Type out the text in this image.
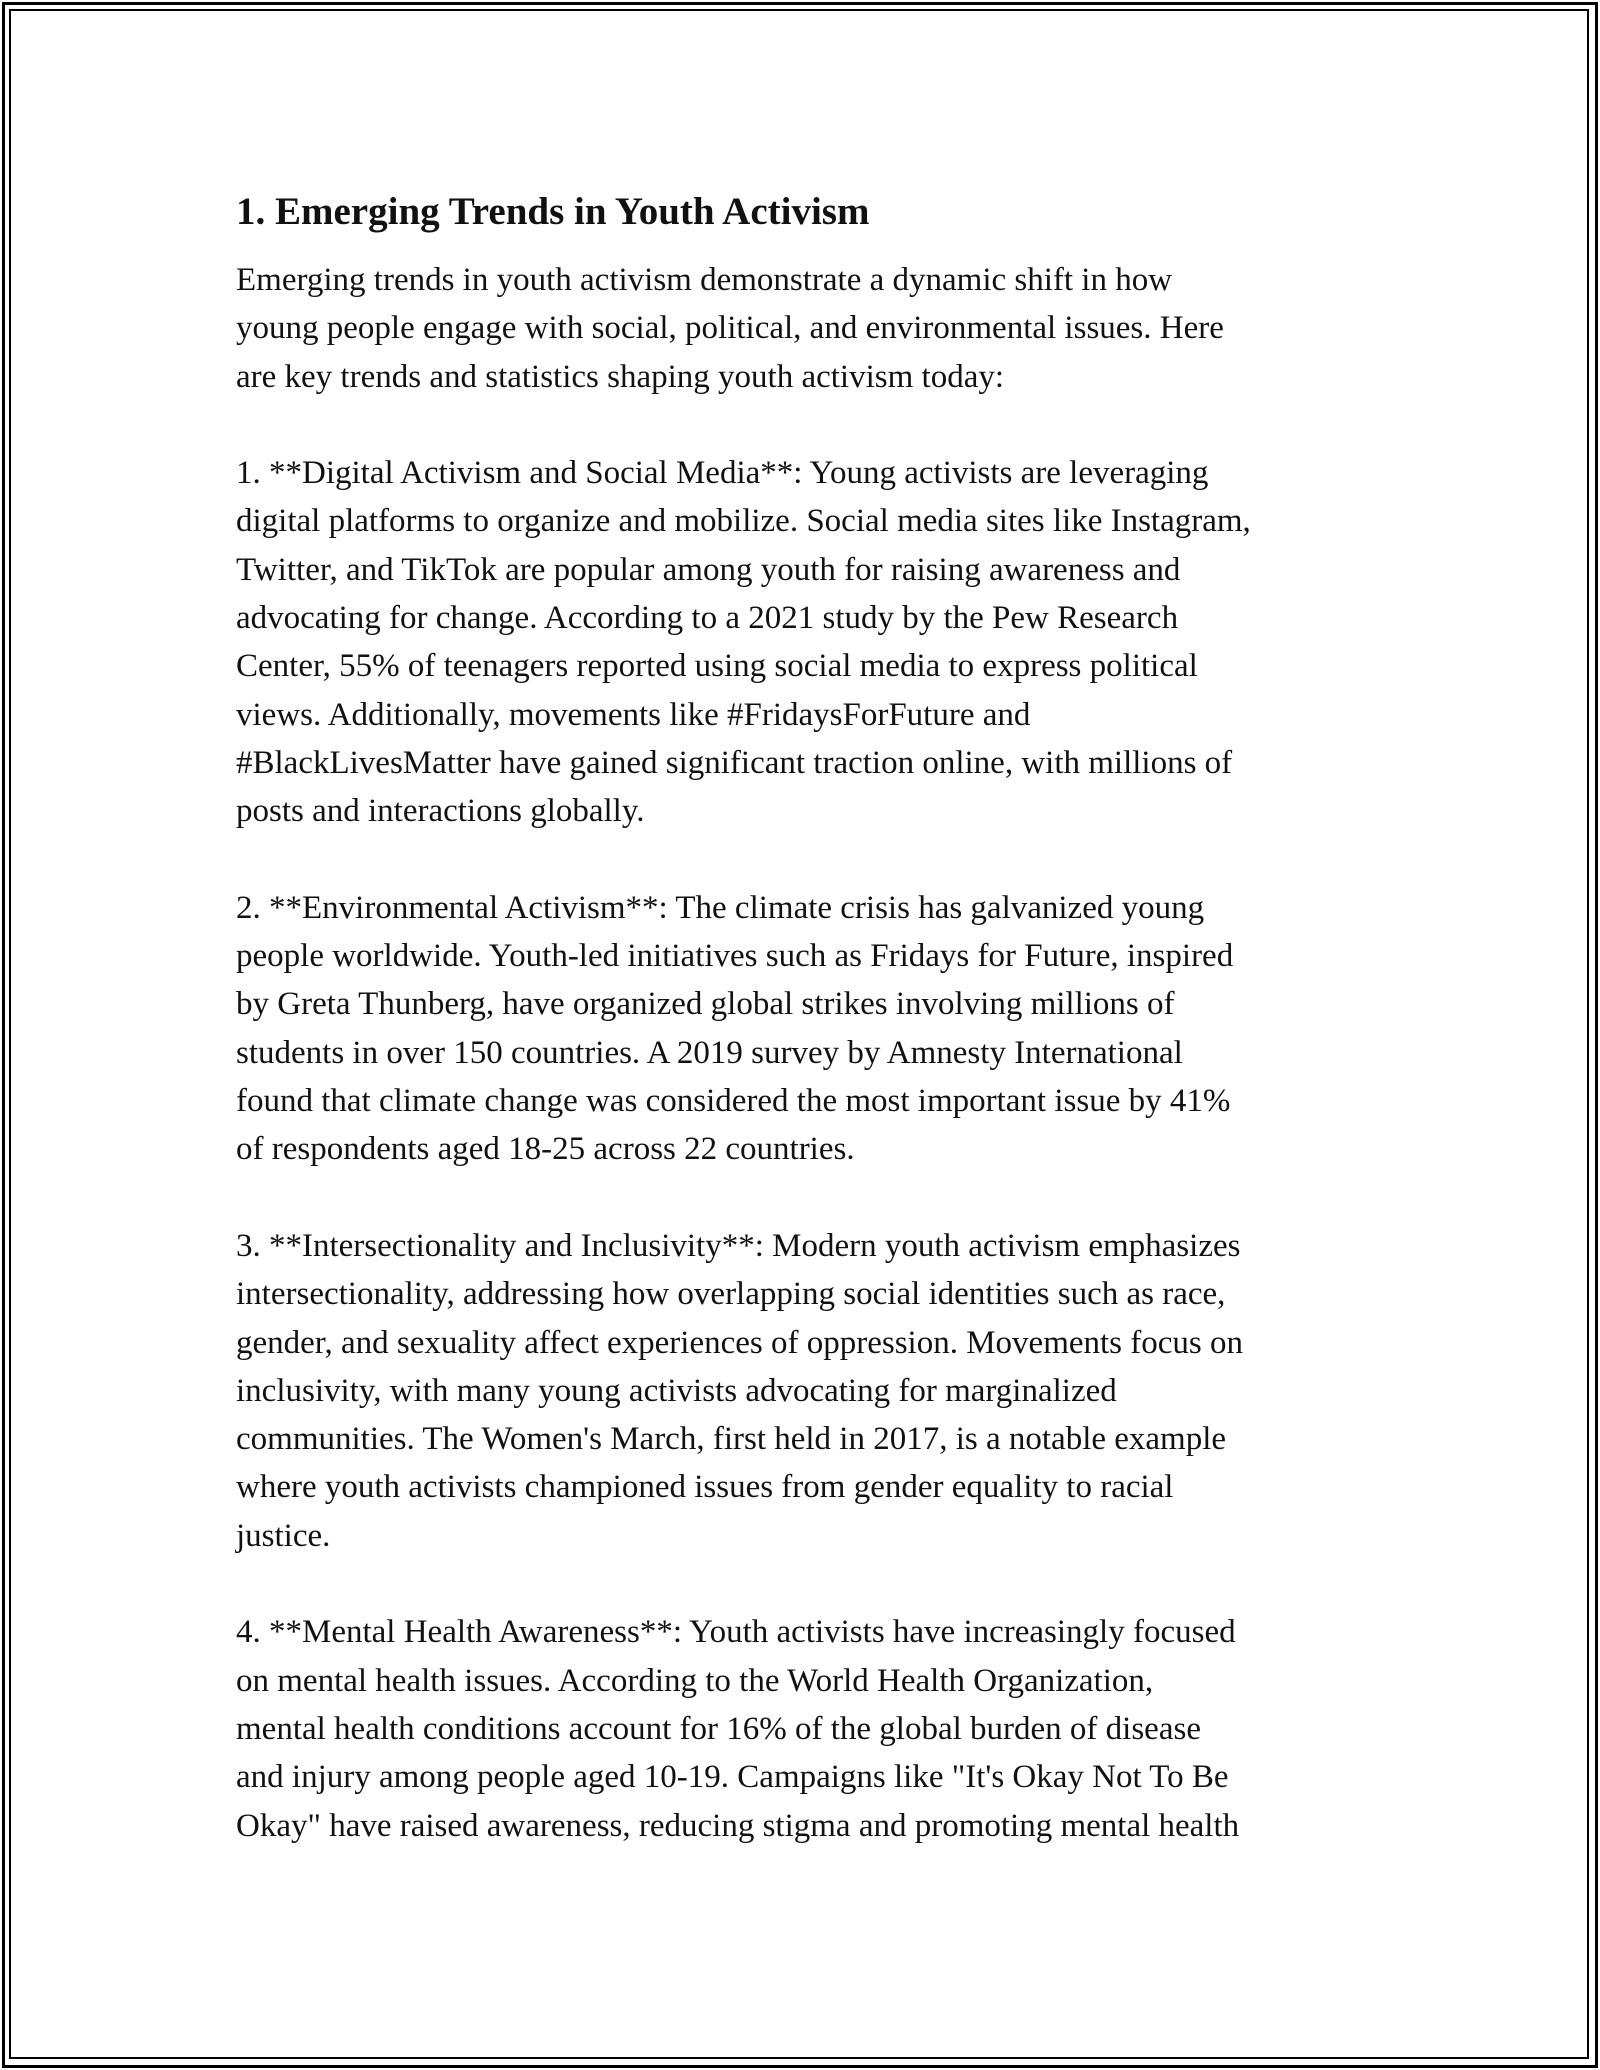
1. Emerging Trends in Youth Activism

Emerging trends in youth activism demonstrate a dynamic shift in how
young people engage with social, political, and environmental issues. Here
are key trends and statistics shaping youth activism today:

1. **Digital Activism and Social Media**: Young activists are leveraging
digital platforms to organize and mobilize. Social media sites like Instagram,
Twitter, and TikTok are popular among youth for raising awareness and
advocating for change. According to a 2021 study by the Pew Research
Center, 55% of teenagers reported using social media to express political
views. Additionally, movements like #FridaysForFuture and
#BlackLivesMatter have gained significant traction online, with millions of
posts and interactions globally.

2. **Environmental Activism**: The climate crisis has galvanized young
people worldwide. Youth-led initiatives such as Fridays for Future, inspired
by Greta Thunberg, have organized global strikes involving millions of
students in over 150 countries. A 2019 survey by Amnesty International
found that climate change was considered the most important issue by 41%
of respondents aged 18-25 across 22 countries.

3. **Intersectionality and Inclusivity**: Modern youth activism emphasizes
intersectionality, addressing how overlapping social identities such as race,
gender, and sexuality affect experiences of oppression. Movements focus on
inclusivity, with many young activists advocating for marginalized
communities. The Women's March, first held in 2017, is a notable example
where youth activists championed issues from gender equality to racial
justice.

4. **Mental Health Awareness**: Youth activists have increasingly focused
on mental health issues. According to the World Health Organization,
mental health conditions account for 16% of the global burden of disease
and injury among people aged 10-19. Campaigns like "It's Okay Not To Be
Okay" have raised awareness, reducing stigma and promoting mental health
